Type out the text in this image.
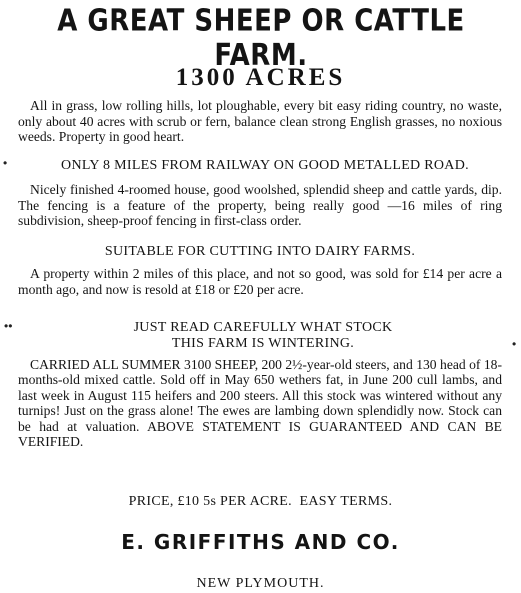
A GREAT SHEEP OR CATTLE FARM.
1300 ACRES
All in grass, low rolling hills, lot ploughable, every bit easy riding country, no waste, only about 40 acres with scrub or fern, balance clean strong English grasses, no noxious weeds. Property in good heart.
•	ONLY 8 MILES FROM RAILWAY ON GOOD METALLED ROAD.
Nicely finished 4-roomed house, good woolshed, splendid sheep and cattle yards, dip. The fencing is a feature of the property, being really good —16 miles of ring subdivision, sheep-proof fencing in first-class order.
SUITABLE FOR CUTTING INTO DAIRY FARMS.
A property within 2 miles of this place, and not so good, was sold for £14 per acre a month ago, and now is resold at £18 or £20 per acre.
••
•
JUST READ CAREFULLY WHAT STOCK THIS FARM IS WINTERING.
CARRIED ALL SUMMER 3100 SHEEP, 200 2½-year-old steers, and 130 head of 18-months-old mixed cattle. Sold off in May 650 wethers fat, in June 200 cull lambs, and last week in August 115 heifers and 200 steers. All this stock was wintered without any turnips! Just on the grass alone! The ewes are lambing down splendidly now. Stock can be had at valuation. ABOVE STATEMENT IS GUARANTEED AND CAN BE VERIFIED.
PRICE, £10 5s PER ACRE.  EASY TERMS.
E. GRIFFITHS AND CO.
NEW PLYMOUTH.
